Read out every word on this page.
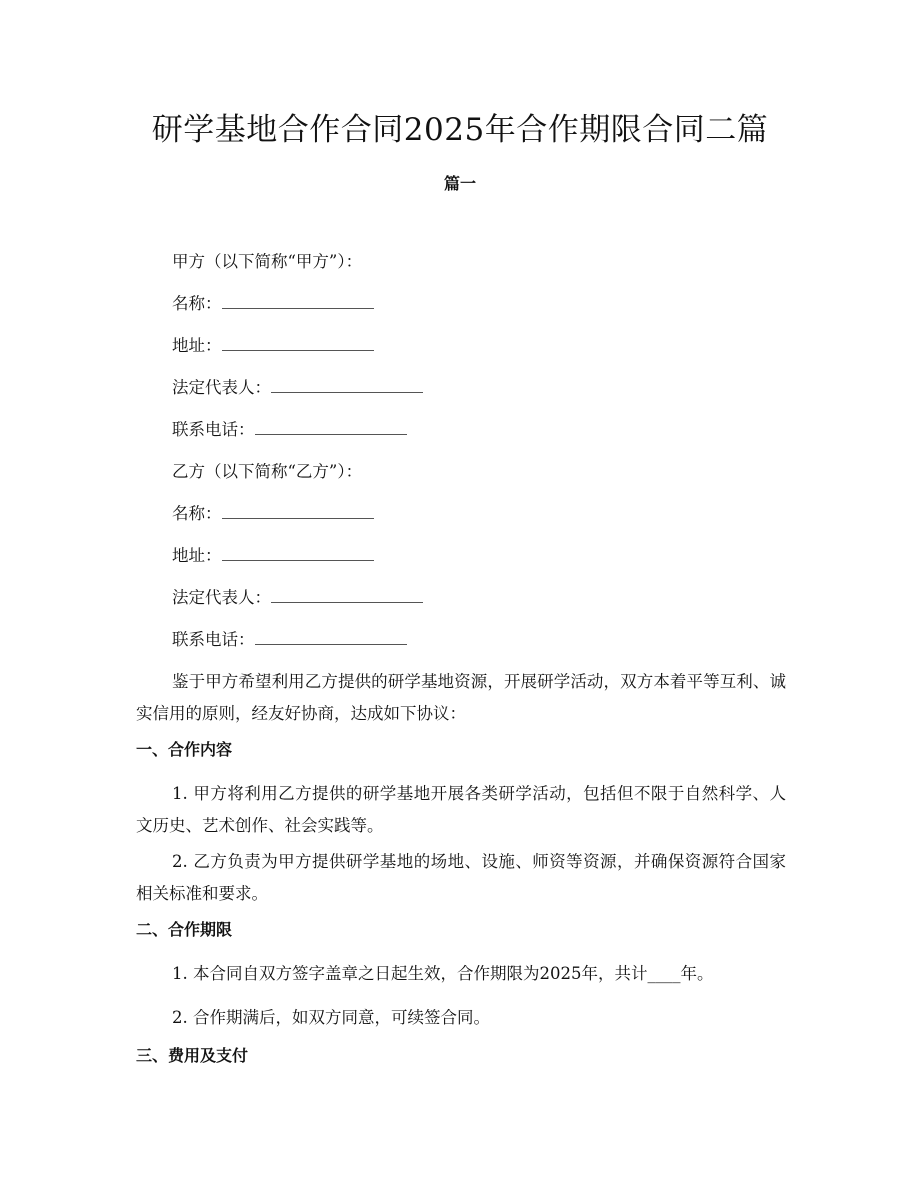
研学基地合作合同2025年合作期限合同二篇
篇一
甲方（以下简称“甲方”）：
名称：
地址：
法定代表人：
联系电话：
乙方（以下简称“乙方”）：
名称：
地址：
法定代表人：
联系电话：
鉴于甲方希望利用乙方提供的研学基地资源，开展研学活动，双方本着平等互利、诚实信用的原则，经友好协商，达成如下协议：
一、合作内容
1. 甲方将利用乙方提供的研学基地开展各类研学活动，包括但不限于自然科学、人文历史、艺术创作、社会实践等。
2. 乙方负责为甲方提供研学基地的场地、设施、师资等资源，并确保资源符合国家相关标准和要求。
二、合作期限
1. 本合同自双方签字盖章之日起生效，合作期限为2025年，共计____年。
2. 合作期满后，如双方同意，可续签合同。
三、费用及支付
